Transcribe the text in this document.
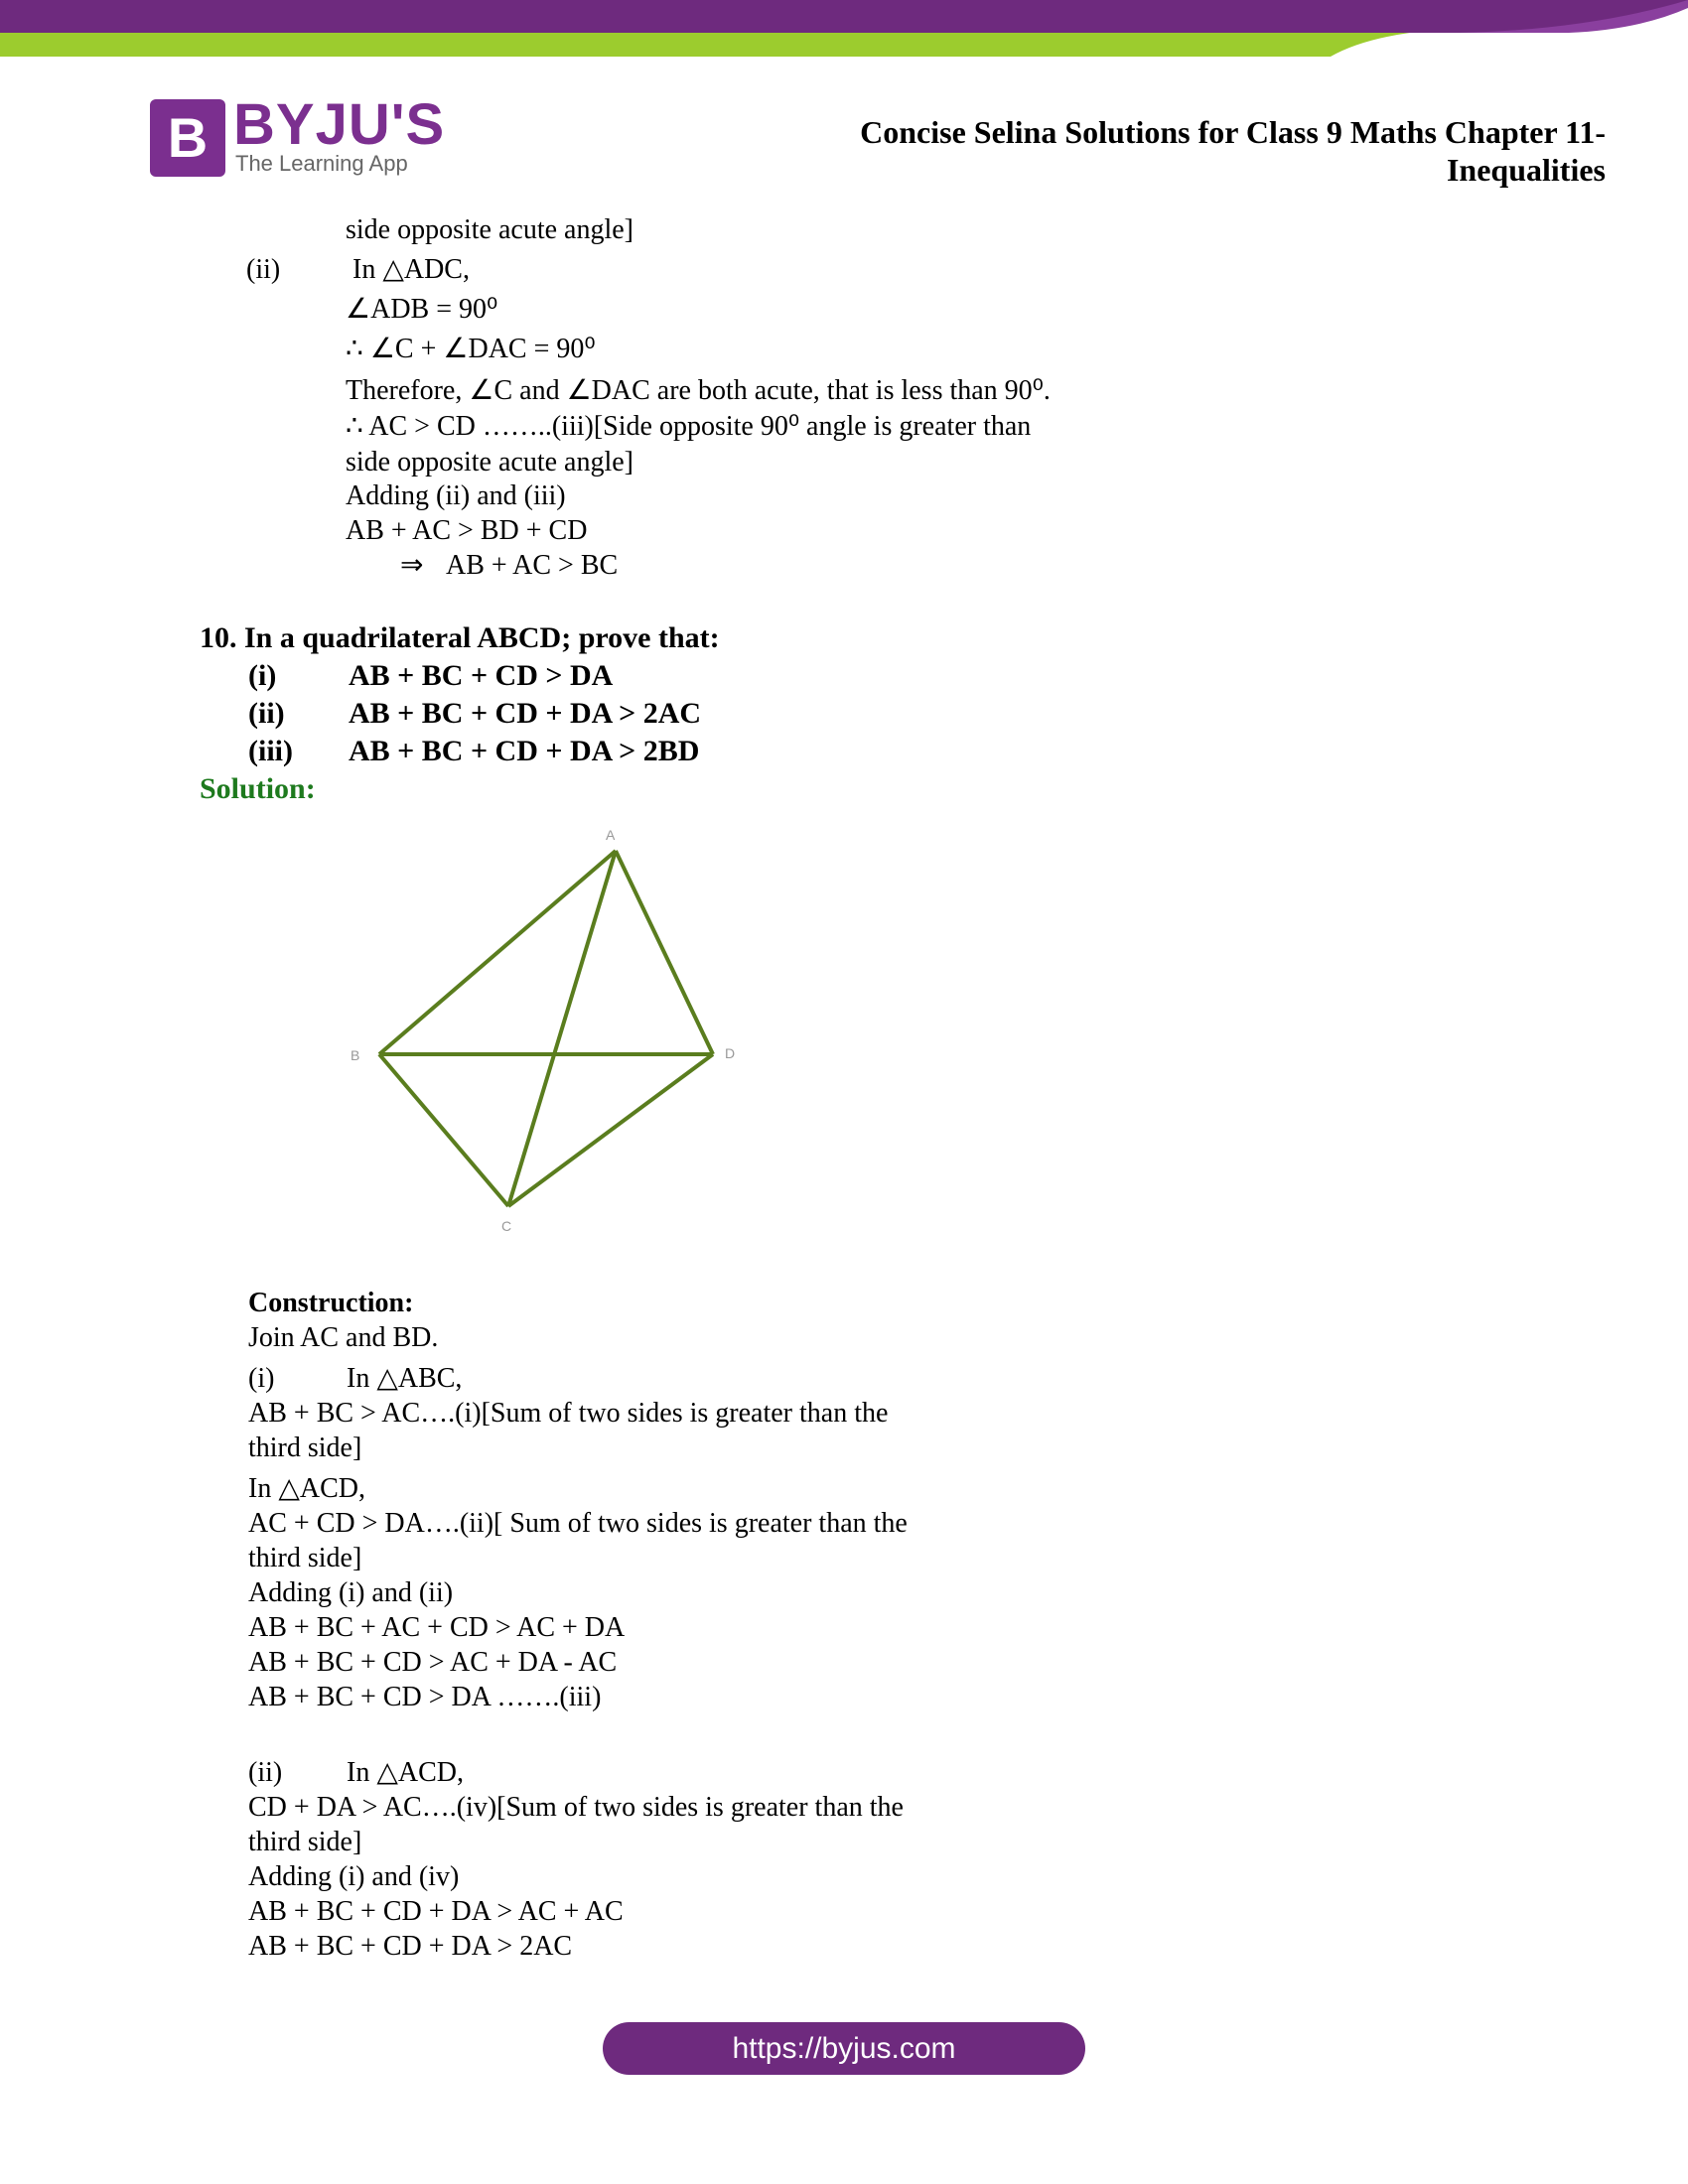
B BYJU'S
The Learning App
Concise Selina Solutions for Class 9 Maths Chapter 11-
Inequalities
side opposite acute angle]
(ii)	In △ADC,
∠ADB = 90⁰
∴ ∠C + ∠DAC = 90⁰
Therefore, ∠C and ∠DAC are both acute, that is less than 90⁰.
∴ AC > CD ……..(iii)[Side opposite 90⁰ angle is greater than
side opposite acute angle]
Adding (ii) and (iii)
AB + AC > BD + CD
⇒ AB + AC > BC
10. In a quadrilateral ABCD; prove that:
(i) AB + BC + CD > DA
(ii) AB + BC + CD + DA > 2AC
(iii) AB + BC + CD + DA > 2BD
Solution:
A
B	D
C
Construction:
Join AC and BD.
(i)	In △ABC,
AB + BC > AC….(i)[Sum of two sides is greater than the
third side]
In △ACD,
AC + CD > DA….(ii)[ Sum of two sides is greater than the
third side]
Adding (i) and (ii)
AB + BC + AC + CD > AC + DA
AB + BC + CD > AC + DA - AC
AB + BC + CD > DA …….(iii)
(ii) In △ACD,
CD + DA > AC….(iv)[Sum of two sides is greater than the
third side]
Adding (i) and (iv)
AB + BC + CD + DA > AC + AC
AB + BC + CD + DA > 2AC
https://byjus.com
